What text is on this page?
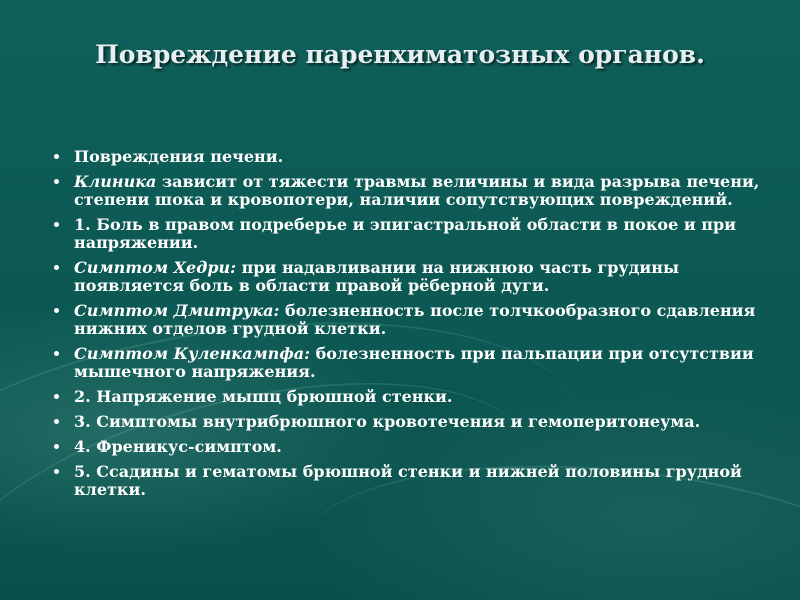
Повреждение паренхиматозных органов.
Повреждения печени.
Клиника зависит от тяжести травмы величины и вида разрыва печени, степени шока и кровопотери, наличии сопутствующих повреждений.
1. Боль в правом подреберье и эпигастральной области в покое и при напряжении.
Симптом Хедри: при надавливании на нижнюю часть грудины появляется боль в области правой рёберной дуги.
Симптом Дмитрука: болезненность после толчкообразного сдавления нижних отделов грудной клетки.
Симптом Куленкампфа: болезненность при пальпации при отсутствии мышечного напряжения.
2. Напряжение мышц брюшной стенки.
3. Симптомы внутрибрюшного кровотечения и гемоперитонеума.
4. Френикус-симптом.
5. Ссадины и гематомы брюшной стенки и нижней половины грудной клетки.
